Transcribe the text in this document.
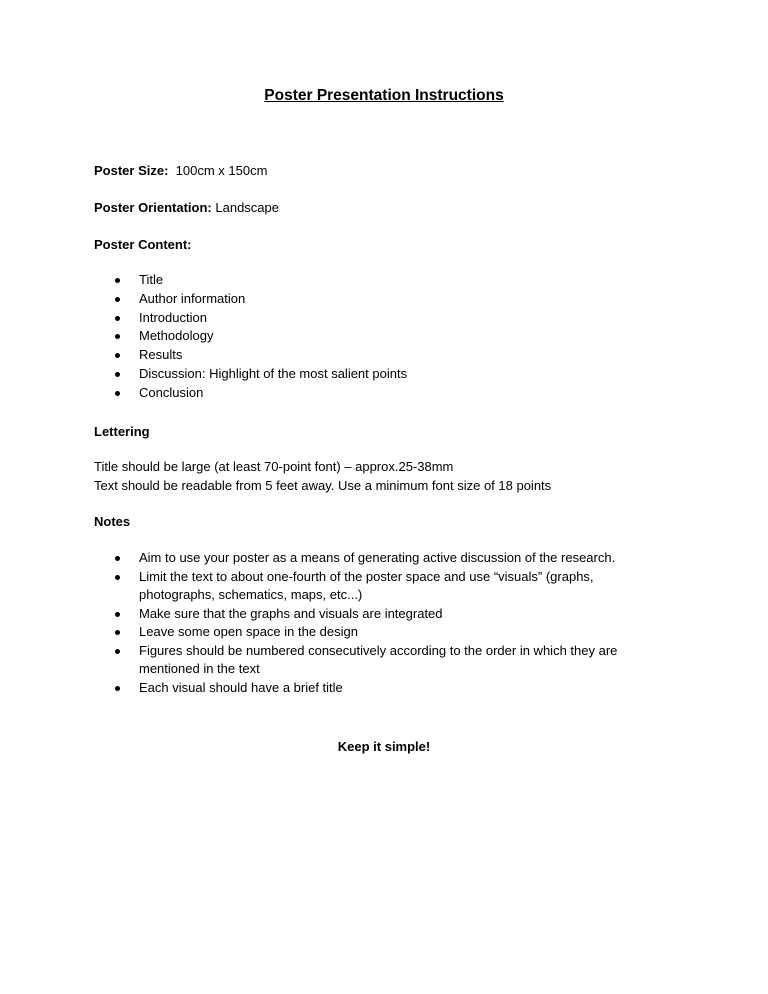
Poster Presentation Instructions
Poster Size: 100cm x 150cm
Poster Orientation: Landscape
Poster Content:
Title
Author information
Introduction
Methodology
Results
Discussion: Highlight of the most salient points
Conclusion
Lettering
Title should be large (at least 70-point font) – approx.25-38mm
Text should be readable from 5 feet away. Use a minimum font size of 18 points
Notes
Aim to use your poster as a means of generating active discussion of the research.
Limit the text to about one-fourth of the poster space and use “visuals” (graphs, photographs, schematics, maps, etc...)
Make sure that the graphs and visuals are integrated
Leave some open space in the design
Figures should be numbered consecutively according to the order in which they are mentioned in the text
Each visual should have a brief title
Keep it simple!
